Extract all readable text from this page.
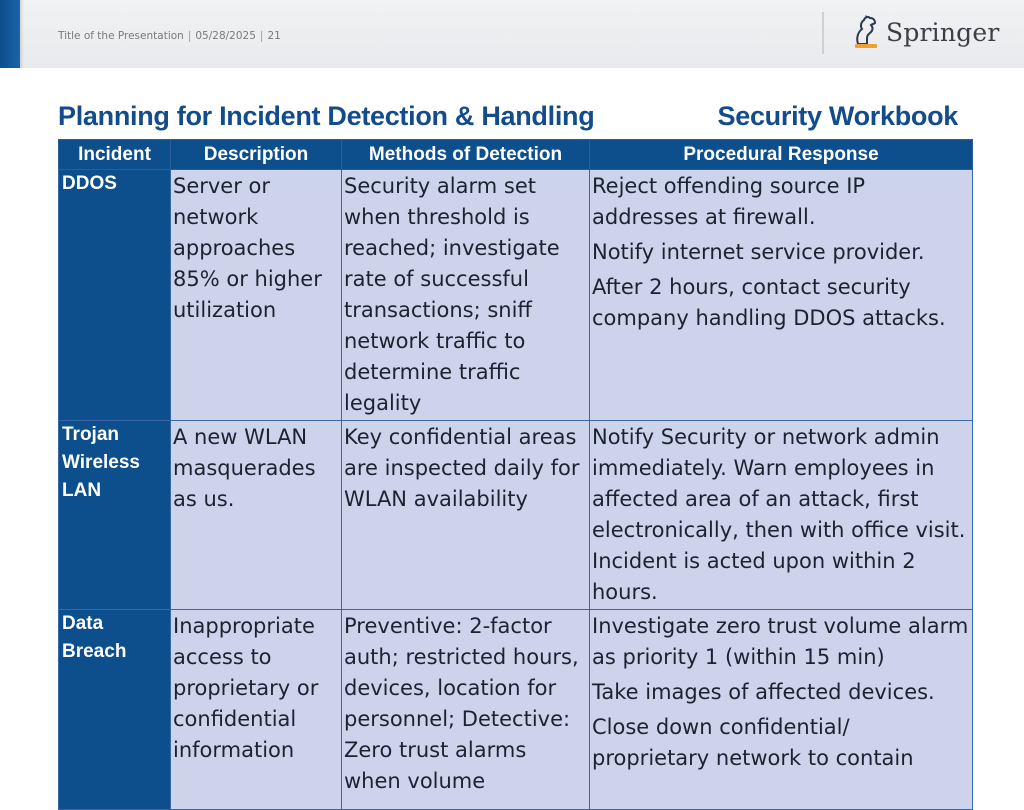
Title of the Presentation | 05/28/2025 | 21	Springer
Planning for Incident Detection & Handling	Security Workbook
Incident	Description	Methods of Detection	Procedural Response
DDOS	Server or network approaches 85% or higher utilization	Security alarm set when threshold is reached; investigate rate of successful transactions; sniff network traffic to determine traffic legality	Reject offending source IP addresses at firewall.
Notify internet service provider.
After 2 hours, contact security company handling DDOS attacks.

Trojan Wireless LAN	A new WLAN masquerades as us.	Key confidential areas are inspected daily for WLAN availability	Notify Security or network admin immediately. Warn employees in affected area of an attack, first electronically, then with office visit. Incident is acted upon within 2 hours.

Data Breach	Inappropriate access to proprietary or confidential information	Preventive: 2-factor auth; restricted hours, devices, location for personnel; Detective: Zero trust alarms when volume	Investigate zero trust volume alarm as priority 1 (within 15 min)
Take images of affected devices.
Close down confidential/ proprietary network to contain
